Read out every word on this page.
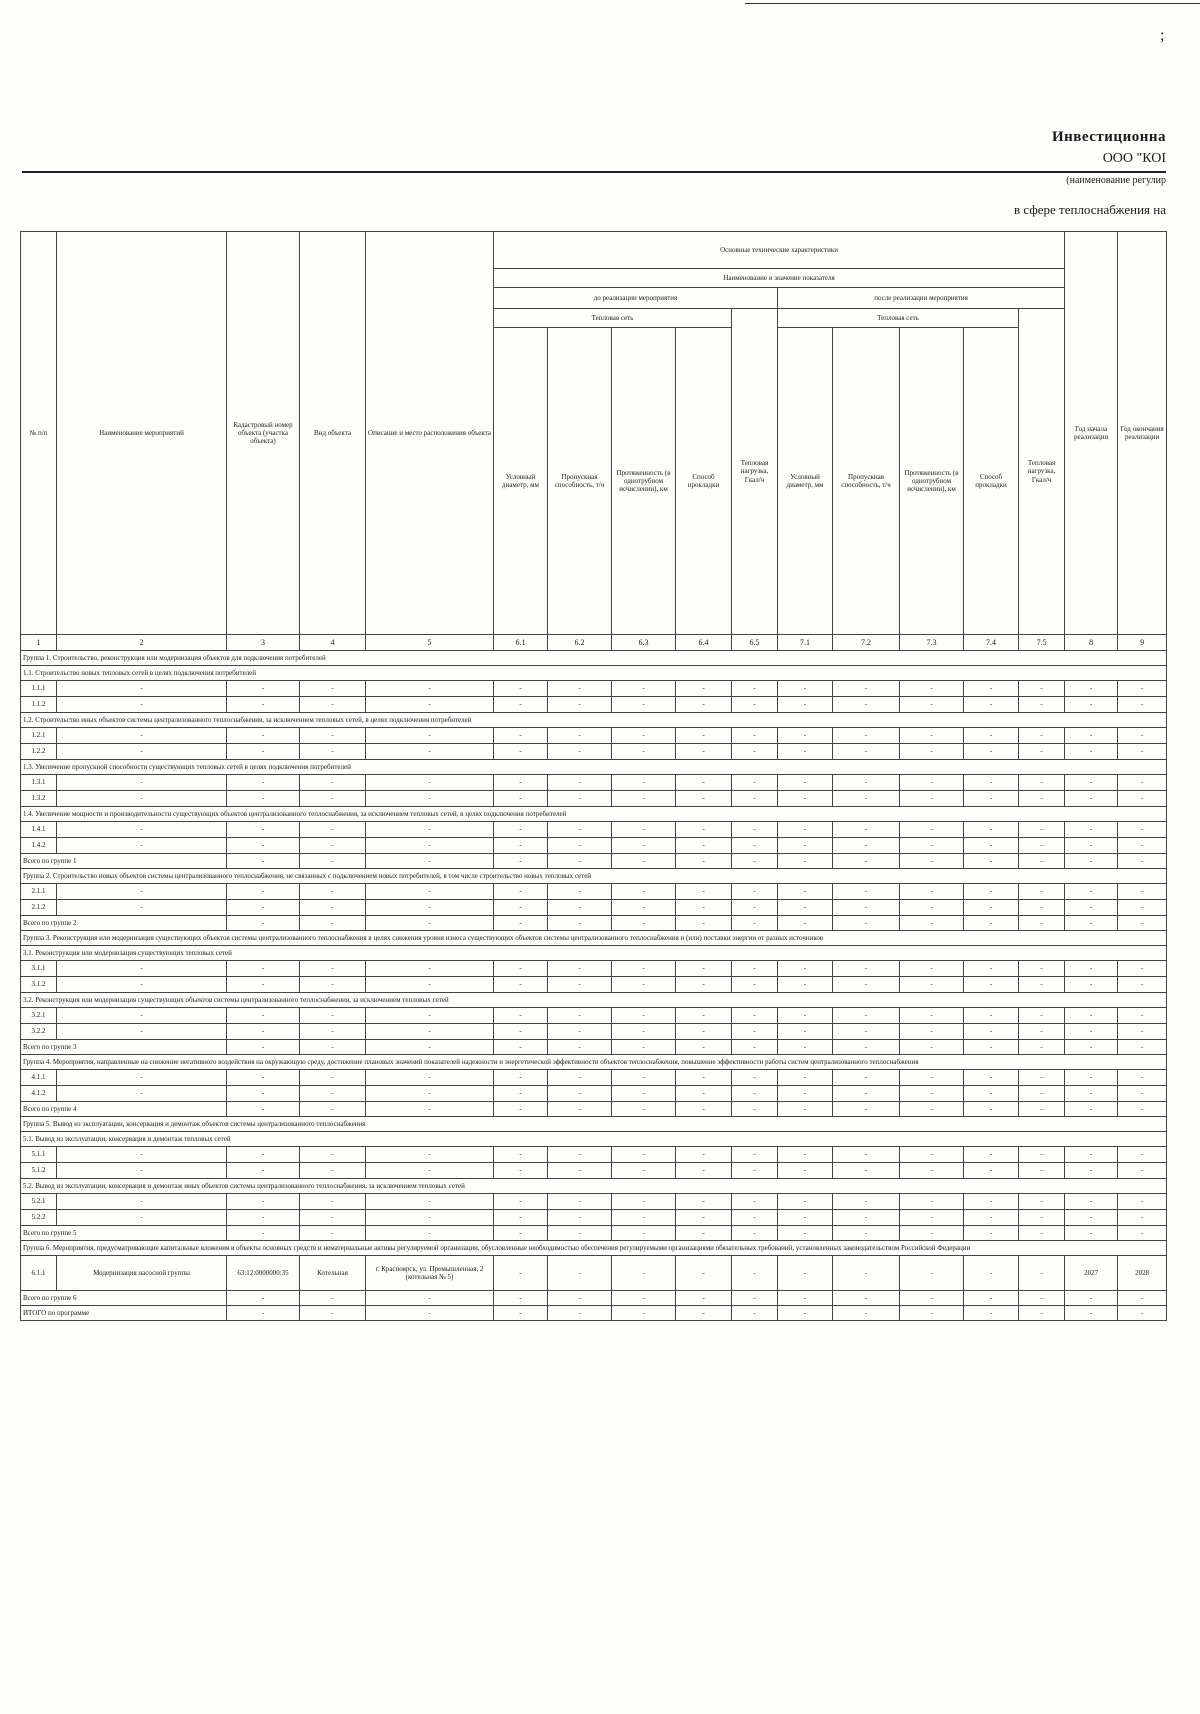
;
Инвестиционна
ООО "КОІ
(наименование регулир
в сфере теплоснабжения на
№ п/п	Наименование мероприятий	Кадастровый номер объекта (участка объекта)	Вид объекта	Описание и место расположения объекта	Основные технические характеристики										Год начала реализации	Год окончания реализации
					Наименование и значение показателя											
					до реализации мероприятия					после реализации мероприятия						
					Тепловая сеть				Тепловая нагрузка, Гкал/ч	Тепловая сеть				Тепловая нагрузка, Гкал/ч		
					Условный диаметр, мм	Пропускная способность, т/ч	Протяженность (в однотрубном исчислении), км	Способ прокладки		Условный диаметр, мм	Пропускная способность, т/ч	Протяженность (в однотрубном исчислении), км	Способ прокладки			
1	2	3	4	5	6.1	6.2	6.3	6.4	6.5	7.1	7.2	7.3	7.4	7.5	8	9
Группа 1. Строительство, реконструкция или модернизация объектов для подключения потребителей																
1.1. Строительство новых тепловых сетей в целях подключения потребителей																
1.1.1	-	-	-	-	-	-	-	-	-	-	-	-	-	-	-	-
1.1.2	-	-	-	-	-	-	-	-	-	-	-	-	-	-	-	-
1.2. Строительство иных объектов системы централизованного теплоснабжения, за исключением тепловых сетей, в целях подключения потребителей																
1.2.1	-	-	-	-	-	-	-	-	-	-	-	-	-	-	-	-
1.2.2	-	-	-	-	-	-	-	-	-	-	-	-	-	-	-	-
1.3. Увеличение пропускной способности существующих тепловых сетей в целях подключения потребителей																
1.3.1	-	-	-	-	-	-	-	-	-	-	-	-	-	-	-	-
1.3.2	-	-	-	-	-	-	-	-	-	-	-	-	-	-	-	-
1.4. Увеличение мощности и производительности существующих объектов централизованного теплоснабжения, за исключением тепловых сетей, в целях подключения потребителей																
1.4.1	-	-	-	-	-	-	-	-	-	-	-	-	-	-	-	-
1.4.2	-	-	-	-	-	-	-	-	-	-	-	-	-	-	-	-
Всего по группе 1		-	-	-	-	-	-	-	-	-	-	-	-	-	-	-
Группа 2. Строительство новых объектов системы централизованного теплоснабжения, не связанных с подключением новых потребителей, в том числе строительство новых тепловых сетей																
2.1.1	-	-	-	-	-	-	-	-	-	-	-	-	-	-	-	-
2.1.2	-	-	-	-	-	-	-	-	-	-	-	-	-	-	-	-
Всего по группе 2		-	-	-	-	-	-	-	-	-	-	-	-	-	-	-
Группа 3. Реконструкция или модернизация существующих объектов системы централизованного теплоснабжения в целях снижения уровня износа существующих объектов системы централизованного теплоснабжения и (или) поставки энергии от разных источников																
3.1. Реконструкция или модернизация существующих тепловых сетей																
3.1.1	-	-	-	-	-	-	-	-	-	-	-	-	-	-	-	-
3.1.2	-	-	-	-	-	-	-	-	-	-	-	-	-	-	-	-
3.2. Реконструкция или модернизация существующих объектов системы централизованного теплоснабжения, за исключением тепловых сетей																
3.2.1	-	-	-	-	-	-	-	-	-	-	-	-	-	-	-	-
3.2.2	-	-	-	-	-	-	-	-	-	-	-	-	-	-	-	-
Всего по группе 3		-	-	-	-	-	-	-	-	-	-	-	-	-	-	-
Группа 4. Мероприятия, направленные на снижение негативного воздействия на окружающую среду, достижение плановых значений показателей надежности и энергетической эффективности объектов теплоснабжения, повышение эффективности работы систем централизованного теплоснабжения																
4.1.1	-	-	-	-	-	-	-	-	-	-	-	-	-	-	-	-
4.1.2	-	-	-	-	-	-	-	-	-	-	-	-	-	-	-	-
Всего по группе 4		-	-	-	-	-	-	-	-	-	-	-	-	-	-	-
Группа 5. Вывод из эксплуатации, консервация и демонтаж объектов системы централизованного теплоснабжения																
5.1. Вывод из эксплуатации, консервация и демонтаж тепловых сетей																
5.1.1	-	-	-	-	-	-	-	-	-	-	-	-	-	-	-	-
5.1.2	-	-	-	-	-	-	-	-	-	-	-	-	-	-	-	-
5.2. Вывод из эксплуатации, консервация и демонтаж иных объектов системы централизованного теплоснабжения, за исключением тепловых сетей																
5.2.1	-	-	-	-	-	-	-	-	-	-	-	-	-	-	-	-
5.2.2	-	-	-	-	-	-	-	-	-	-	-	-	-	-	-	-
Всего по группе 5		-	-	-	-	-	-	-	-	-	-	-	-	-	-	-
Группа 6. Мероприятия, предусматривающие капитальные вложения в объекты основных средств и нематериальные активы регулируемой организации, обусловленные необходимостью обеспечения регулируемыми организациями обязательных требований, установленных законодательством Российской Федерации																
6.1.1	Модернизация насосной группы	63:12:0000000:35	Котельная	г. Красноярск, ул. Промышленная, 2 (котельная № 5)	-	-	-	-	-	-	-	-	-	-	2027	2028
Всего по группе 6		-	-	-	-	-	-	-	-	-	-	-	-	-	-	-
ИТОГО по программе		-	-	-	-	-	-	-	-	-	-	-	-	-	-	-
